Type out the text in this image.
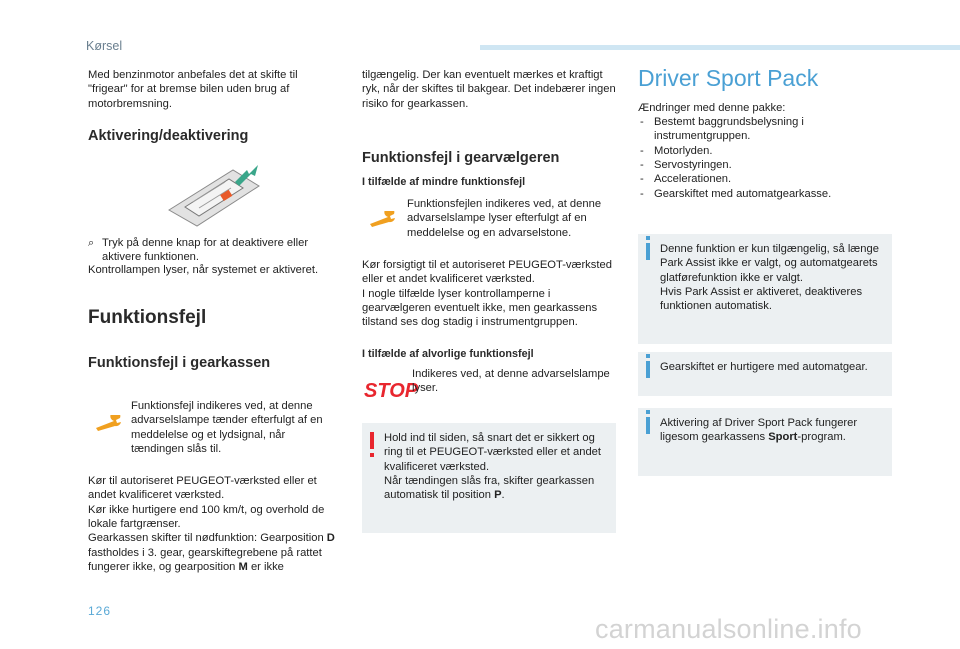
Kørsel

Med benzinmotor anbefales det at skifte til "frigear" for at bremse bilen uden brug af motorbremsning.

Aktivering/deaktivering

⌕ Tryk på denne knap for at deaktivere eller aktivere funktionen.

Kontrollampen lyser, når systemet er aktiveret.

Funktionsfejl

Funktionsfejl i gearkassen

Funktionsfejl indikeres ved, at denne advarselslampe tænder efterfulgt af en meddelelse og et lydsignal, når tændingen slås til.

Kør til autoriseret PEUGEOT-værksted eller et andet kvalificeret værksted.

Kør ikke hurtigere end 100 km/t, og overhold de lokale fartgrænser.

Gearkassen skifter til nødfunktion: Gearposition D fastholdes i 3. gear, gearskiftegrebene på rattet fungerer ikke, og gearposition M er ikke

tilgængelig. Der kan eventuelt mærkes et kraftigt ryk, når der skiftes til bakgear. Det indebærer ingen risiko for gearkassen.

Funktionsfejl i gearvælgeren

I tilfælde af mindre funktionsfejl

Funktionsfejlen indikeres ved, at denne advarselslampe lyser efterfulgt af en meddelelse og en advarselstone.

Kør forsigtigt til et autoriseret PEUGEOT-værksted eller et andet kvalificeret værksted.

I nogle tilfælde lyser kontrollamperne i gearvælgeren eventuelt ikke, men gearkassens tilstand ses dog stadig i instrumentgruppen.

I tilfælde af alvorlige funktionsfejl

STOP

Indikeres ved, at denne advarselslampe lyser.

Hold ind til siden, så snart det er sikkert og ring til et PEUGEOT-værksted eller et andet kvalificeret værksted.

Når tændingen slås fra, skifter gearkassen automatisk til position P.

Driver Sport Pack

Ændringer med denne pakke:

- Bestemt baggrundsbelysning i instrumentgruppen.
- Motorlyden.
- Servostyringen.
- Accelerationen.
- Gearskiftet med automatgearkasse.

Denne funktion er kun tilgængelig, så længe Park Assist ikke er valgt, og automatgearets glatførefunktion ikke er valgt.

Hvis Park Assist er aktiveret, deaktiveres funktionen automatisk.

Gearskiftet er hurtigere med automatgear.

Aktivering af Driver Sport Pack fungerer ligesom gearkassens Sport-program.

126
carmanualsonline.info
